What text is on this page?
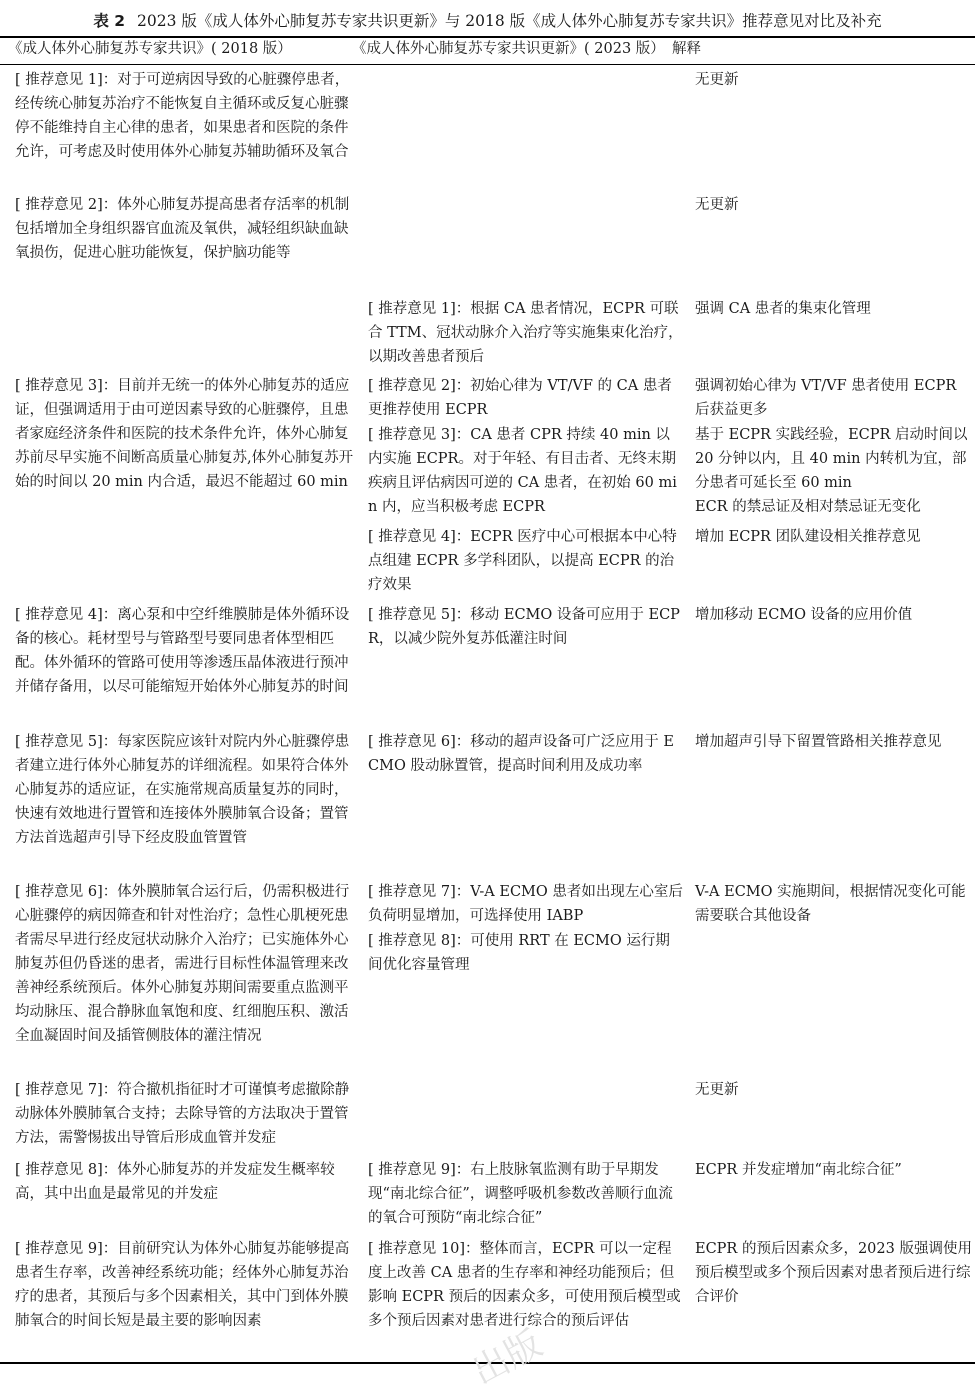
表 2 2023 版《成人体外心肺复苏专家共识更新》与 2018 版《成人体外心肺复苏专家共识》推荐意见对比及补充
《成人体外心肺复苏专家共识》( 2018 版）	《成人体外心肺复苏专家共识更新》( 2023 版） 解释
[ 推荐意见 1]：对于可逆病因导致的心脏骤停患者，经传统心肺复苏治疗不能恢复自主循环或反复心脏骤停不能维持自主心律的患者，如果患者和医院的条件允许，可考虑及时使用体外心肺复苏辅助循环及氧合
[ 推荐意见 2]：体外心肺复苏提高患者存活率的机制包括增加全身组织器官血流及氧供，减轻组织缺血缺氧损伤，促进心脏功能恢复，保护脑功能等
[ 推荐意见 3]：目前并无统一的体外心肺复苏的适应证，但强调适用于由可逆因素导致的心脏骤停，且患者家庭经济条件和医院的技术条件允许，体外心肺复苏前尽早实施不间断高质量心肺复苏,体外心肺复苏开始的时间以 20 min 内合适，最迟不能超过 60 min
[ 推荐意见 4]：离心泵和中空纤维膜肺是体外循环设备的核心。耗材型号与管路型号要同患者体型相匹配。体外循环的管路可使用等渗透压晶体液进行预冲并储存备用，以尽可能缩短开始体外心肺复苏的时间
[ 推荐意见 5]：每家医院应该针对院内外心脏骤停患者建立进行体外心肺复苏的详细流程。如果符合体外心肺复苏的适应证，在实施常规高质量复苏的同时，快速有效地进行置管和连接体外膜肺氧合设备；置管方法首选超声引导下经皮股血管置管
[ 推荐意见 6]：体外膜肺氧合运行后，仍需积极进行心脏骤停的病因筛查和针对性治疗；急性心肌梗死患者需尽早进行经皮冠状动脉介入治疗；已实施体外心肺复苏但仍昏迷的患者，需进行目标性体温管理来改善神经系统预后。体外心肺复苏期间需要重点监测平均动脉压、混合静脉血氧饱和度、红细胞压积、激活全血凝固时间及插管侧肢体的灌注情况
[ 推荐意见 7]：符合撤机指征时才可谨慎考虑撤除静动脉体外膜肺氧合支持；去除导管的方法取决于置管方法，需警惕拔出导管后形成血管并发症
[ 推荐意见 8]：体外心肺复苏的并发症发生概率较高，其中出血是最常见的并发症
[ 推荐意见 9]：目前研究认为体外心肺复苏能够提高患者生存率，改善神经系统功能；经体外心肺复苏治疗的患者，其预后与多个因素相关，其中门到体外膜肺氧合的时间长短是最主要的影响因素
[ 推荐意见 1]：根据 CA 患者情况，ECPR 可联合 TTM、冠状动脉介入治疗等实施集束化治疗，以期改善患者预后
[ 推荐意见 2]：初始心律为 VT/VF 的 CA 患者更推荐使用 ECPR
[ 推荐意见 3]：CA 患者 CPR 持续 40 min 以内实施 ECPR。对于年轻、有目击者、无终末期疾病且评估病因可逆的 CA 患者，在初始 60 min 内，应当积极考虑 ECPR
[ 推荐意见 4]：ECPR 医疗中心可根据本中心特点组建 ECPR 多学科团队，以提高 ECPR 的治疗效果
[ 推荐意见 5]：移动 ECMO 设备可应用于 ECPR，以减少院外复苏低灌注时间
[ 推荐意见 6]：移动的超声设备可广泛应用于 ECMO 股动脉置管，提高时间利用及成功率
[ 推荐意见 7]：V-A ECMO 患者如出现左心室后负荷明显增加，可选择使用 IABP
[ 推荐意见 8]：可使用 RRT 在 ECMO 运行期间优化容量管理
[ 推荐意见 9]：右上肢脉氧监测有助于早期发现“南北综合征”，调整呼吸机参数改善顺行血流的氧合可预防“南北综合征”
[ 推荐意见 10]：整体而言，ECPR 可以一定程度上改善 CA 患者的生存率和神经功能预后；但影响 ECPR 预后的因素众多，可使用预后模型或多个预后因素对患者进行综合的预后评估
无更新
无更新
强调 CA 患者的集束化管理
强调初始心律为 VT/VF 患者使用 ECPR 后获益更多
基于 ECPR 实践经验，ECPR 启动时间以 20 分钟以内，且 40 min 内转机为宜，部分患者可延长至 60 min
ECR 的禁忌证及相对禁忌证无变化
增加 ECPR 团队建设相关推荐意见
增加移动 ECMO 设备的应用价值
增加超声引导下留置管路相关推荐意见
V-A ECMO 实施期间，根据情况变化可能需要联合其他设备
无更新
ECPR 并发症增加“南北综合征”
ECPR 的预后因素众多，2023 版强调使用预后模型或多个预后因素对患者预后进行综合评价
出版
